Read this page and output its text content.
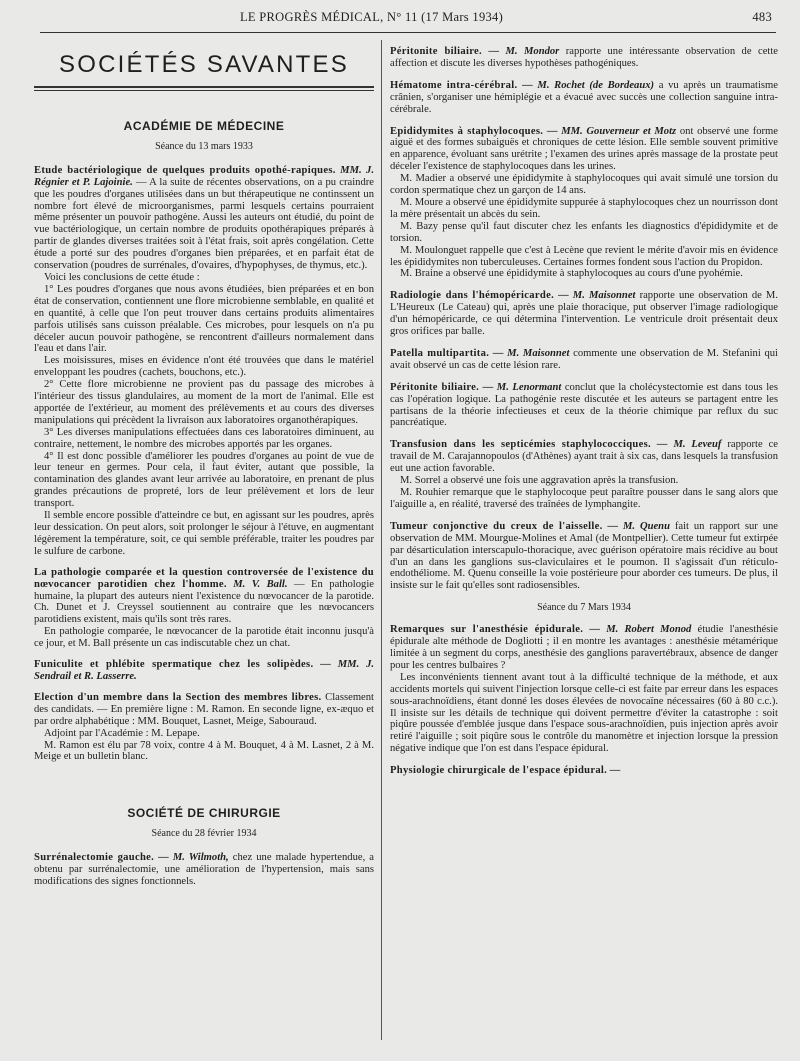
LE PROGRÈS MÉDICAL, N° 11 (17 Mars 1934)	483
SOCIÉTÉS SAVANTES
ACADÉMIE DE MÉDECINE
Séance du 13 mars 1933

Etude bactériologique de quelques produits opothé-rapiques. MM. J. Régnier et P. Lajoinie. — A la suite de récentes observations, on a pu craindre que les poudres d'organes utilisées dans un but thérapeutique ne continssent un nombre fort élevé de microorganismes, parmi lesquels certains pourraient même présenter un pouvoir pathogène. Aussi les auteurs ont étudié, du point de vue bactériologique, un certain nombre de produits opothérapiques préparés à partir de glandes diverses traitées soit à l'état frais, soit après congélation. Cette étude a porté sur des poudres d'organes bien préparées, et en parfait état de conservation (poudres de surrénales, d'ovaires, d'hypophyses, de thymus, etc.).

Voici les conclusions de cette étude :

1° Les poudres d'organes que nous avons étudiées, bien préparées et en bon état de conservation, contiennent une flore microbienne semblable, en qualité et en quantité, à celle que l'on peut trouver dans certains produits alimentaires parfois utilisés sans cuisson préalable. Ces microbes, pour lesquels on n'a pu déceler aucun pouvoir pathogène, se rencontrent d'ailleurs normalement dans l'eau et dans l'air.

Les moisissures, mises en évidence n'ont été trouvées que dans le matériel enveloppant les poudres (cachets, bouchons, etc.).

2° Cette flore microbienne ne provient pas du passage des microbes à l'intérieur des tissus glandulaires, au moment de la mort de l'animal. Elle est apportée de l'extérieur, au moment des prélèvements et au cours des diverses manipulations qui précèdent la livraison aux laboratoires organothérapiques.

3° Les diverses manipulations effectuées dans ces laboratoires diminuent, au contraire, nettement, le nombre des microbes apportés par les organes.

4° Il est donc possible d'améliorer les poudres d'organes au point de vue de leur teneur en germes. Pour cela, il faut éviter, autant que possible, la contamination des glandes avant leur arrivée au laboratoire, en prenant de plus grandes précautions de propreté, lors de leur prélèvement et lors de leur transport.

Il semble encore possible d'atteindre ce but, en agissant sur les poudres, après leur dessication. On peut alors, soit prolonger le séjour à l'étuve, en augmentant légèrement la température, soit, ce qui semble préférable, traiter les poudres par le sulfure de carbone.

La pathologie comparée et la question controversée de l'existence du nœvocancer parotidien chez l'homme. M. V. Ball. — En pathologie humaine, la plupart des auteurs nient l'existence du nœvocancer de la parotide. Ch. Dunet et J. Creyssel soutiennent au contraire que les nœvocancers parotidiens existent, mais qu'ils sont très rares.

En pathologie comparée, le nœvocancer de la parotide était inconnu jusqu'à ce jour, et M. Ball présente un cas indiscutable chez un chat.

Funiculite et phlébite spermatique chez les solipèdes. — MM. J. Sendrail et R. Lasserre.

Election d'un membre dans la Section des membres libres. Classement des candidats. — En première ligne : M. Ramon. En seconde ligne, ex-æquo et par ordre alphabétique : MM. Bouquet, Lasnet, Meige, Sabouraud.

Adjoint par l'Académie : M. Lepape.

M. Ramon est élu par 78 voix, contre 4 à M. Bouquet, 4 à M. Lasnet, 2 à M. Meige et un bulletin blanc.

SOCIÉTÉ DE CHIRURGIE
Séance du 28 février 1934

Surrénalectomie gauche. — M. Wilmoth, chez une malade hypertendue, a obtenu par surrénalectomie, une amélioration de l'hypertension, mais sans modifications des signes fonctionnels.

Péritonite biliaire. — M. Mondor rapporte une intéressante observation de cette affection et discute les diverses hypothèses pathogéniques.

Hématome intra-cérébral. — M. Rochet (de Bordeaux) a vu après un traumatisme crânien, s'organiser une hémiplégie et a évacué avec succès une collection sanguine intra-cérébrale.

Epididymites à staphylocoques. — MM. Gouverneur et Motz ont observé une forme aiguë et des formes subaiguës et chroniques de cette lésion. Elle semble souvent primitive en apparence, évoluant sans urétrite ; l'examen des urines après massage de la prostate peut déceler l'existence de staphylocoques dans les urines.

M. Madier a observé une épididymite à staphylocoques qui avait simulé une torsion du cordon spermatique chez un garçon de 14 ans.

M. Moure a observé une épididymite suppurée à staphylocoques chez un nourrisson dont la mère présentait un abcès du sein.

M. Bazy pense qu'il faut discuter chez les enfants les diagnostics d'épididymite et de torsion.

M. Moulonguet rappelle que c'est à Lecène que revient le mérite d'avoir mis en évidence les épididymites non tuberculeuses. Certaines formes fondent sous l'action du Propidon.

M. Braine a observé une épididymite à staphylocoques au cours d'une pyohémie.

Radiologie dans l'hémopéricarde. — M. Maisonnet rapporte une observation de M. L'Heureux (Le Cateau) qui, après une plaie thoracique, put observer l'image radiologique d'un hémopéricarde, ce qui détermina l'intervention. Le ventricule droit présentait deux gros orifices par balle.

Patella multipartita. — M. Maisonnet commente une observation de M. Stefanini qui avait observé un cas de cette lésion rare.

Péritonite biliaire. — M. Lenormant conclut que la cholécystectomie est dans tous les cas l'opération logique. La pathogénie reste discutée et les auteurs se partagent entre les partisans de la théorie infectieuses et ceux de la théorie chimique par reflux du suc pancréatique.

Transfusion dans les septicémies staphylococciques. — M. Leveuf rapporte ce travail de M. Carajannopoulos (d'Athènes) ayant trait à six cas, dans lesquels la transfusion eut une action favorable.

M. Sorrel a observé une fois une aggravation après la transfusion.

M. Rouhier remarque que le staphylocoque peut paraître pousser dans le sang alors que l'aiguille a, en réalité, traversé des traînées de lymphangite.

Tumeur conjonctive du creux de l'aisselle. — M. Quenu fait un rapport sur une observation de MM. Mourgue-Molines et Amal (de Montpellier). Cette tumeur fut extirpée par désarticulation interscapulo-thoracique, avec guérison opératoire mais récidive au bout d'un an dans les ganglions sus-claviculaires et le poumon. Il s'agissait d'un réticulo-endothéliome. M. Quenu conseille la voie postérieure pour aborder ces tumeurs. De plus, il insiste sur le fait qu'elles sont radiosensibles.

Séance du 7 Mars 1934

Remarques sur l'anesthésie épidurale. — M. Robert Monod étudie l'anesthésie épidurale alte méthode de Dogliotti ; il en montre les avantages : anesthésie métamérique limitée à un segment du corps, anesthésie des ganglions paravertébraux, absence de danger pour les centres bulbaires ?

Les inconvénients tiennent avant tout à la difficulté technique de la méthode, et aux accidents mortels qui suivent l'injection lorsque celle-ci est faite par erreur dans les espaces sous-arachnoïdiens, étant donné les doses élevées de novocaïne nécessaires (60 à 80 c.c.). Il insiste sur les détails de technique qui doivent permettre d'éviter la catastrophe : soit piqûre poussée d'emblée jusque dans l'espace sous-arachnoïdien, puis injection après avoir retiré l'aiguille ; soit piqûre sous le contrôle du manomètre et injection lorsque la pression négative indique que l'on est dans l'espace épidural.

Physiologie chirurgicale de l'espace épidural. —
